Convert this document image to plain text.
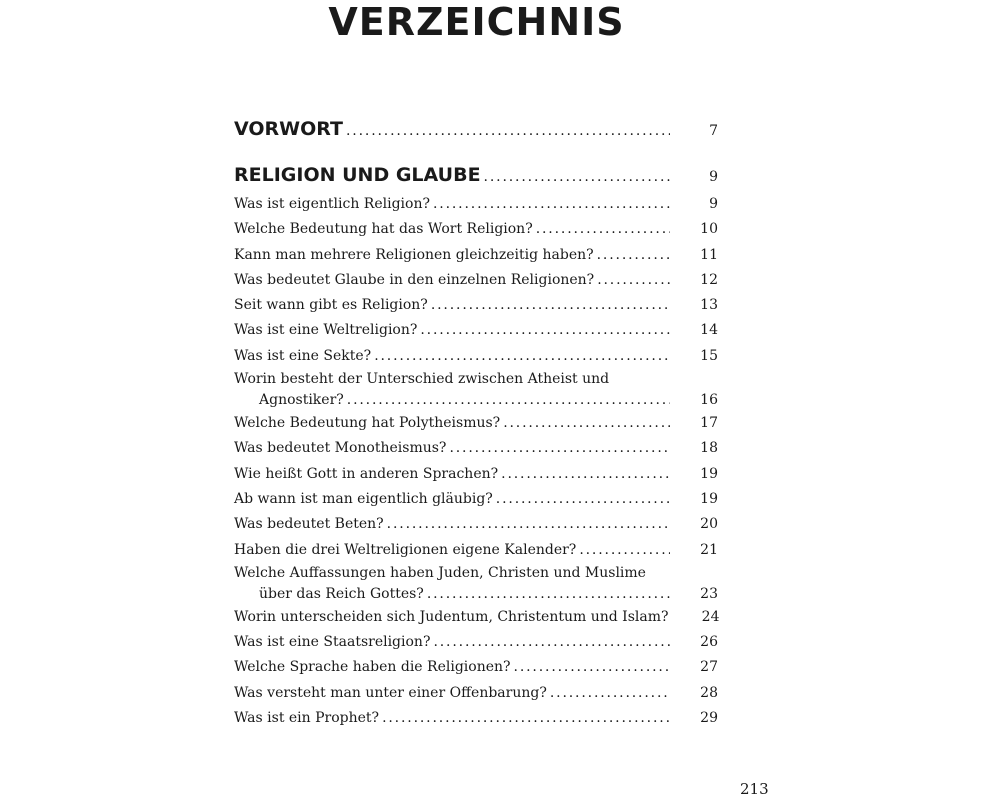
VERZEICHNIS
VORWORT . . .	7
RELIGION UND GLAUBE . . .	9
Was ist eigentlich Religion? . . .	9
Welche Bedeutung hat das Wort Religion? . . .	10
Kann man mehrere Religionen gleichzeitig haben? . . .	11
Was bedeutet Glaube in den einzelnen Religionen? . . .	12
Seit wann gibt es Religion? . . .	13
Was ist eine Weltreligion? . . .	14
Was ist eine Sekte? . . .	15
Worin besteht der Unterschied zwischen Atheist und
Agnostiker? . . .	16
Welche Bedeutung hat Polytheismus? . . .	17
Was bedeutet Monotheismus? . . .	18
Wie heißt Gott in anderen Sprachen? . . .	19
Ab wann ist man eigentlich gläubig? . . .	19
Was bedeutet Beten? . . .	20
Haben die drei Weltreligionen eigene Kalender? . . .	21
Welche Auffassungen haben Juden, Christen und Muslime
über das Reich Gottes? . . .	23
Worin unterscheiden sich Judentum, Christentum und Islam?	24
Was ist eine Staatsreligion? . . .	26
Welche Sprache haben die Religionen? . . .	27
Was versteht man unter einer Offenbarung? . . .	28
Was ist ein Prophet? . . .	29
213
